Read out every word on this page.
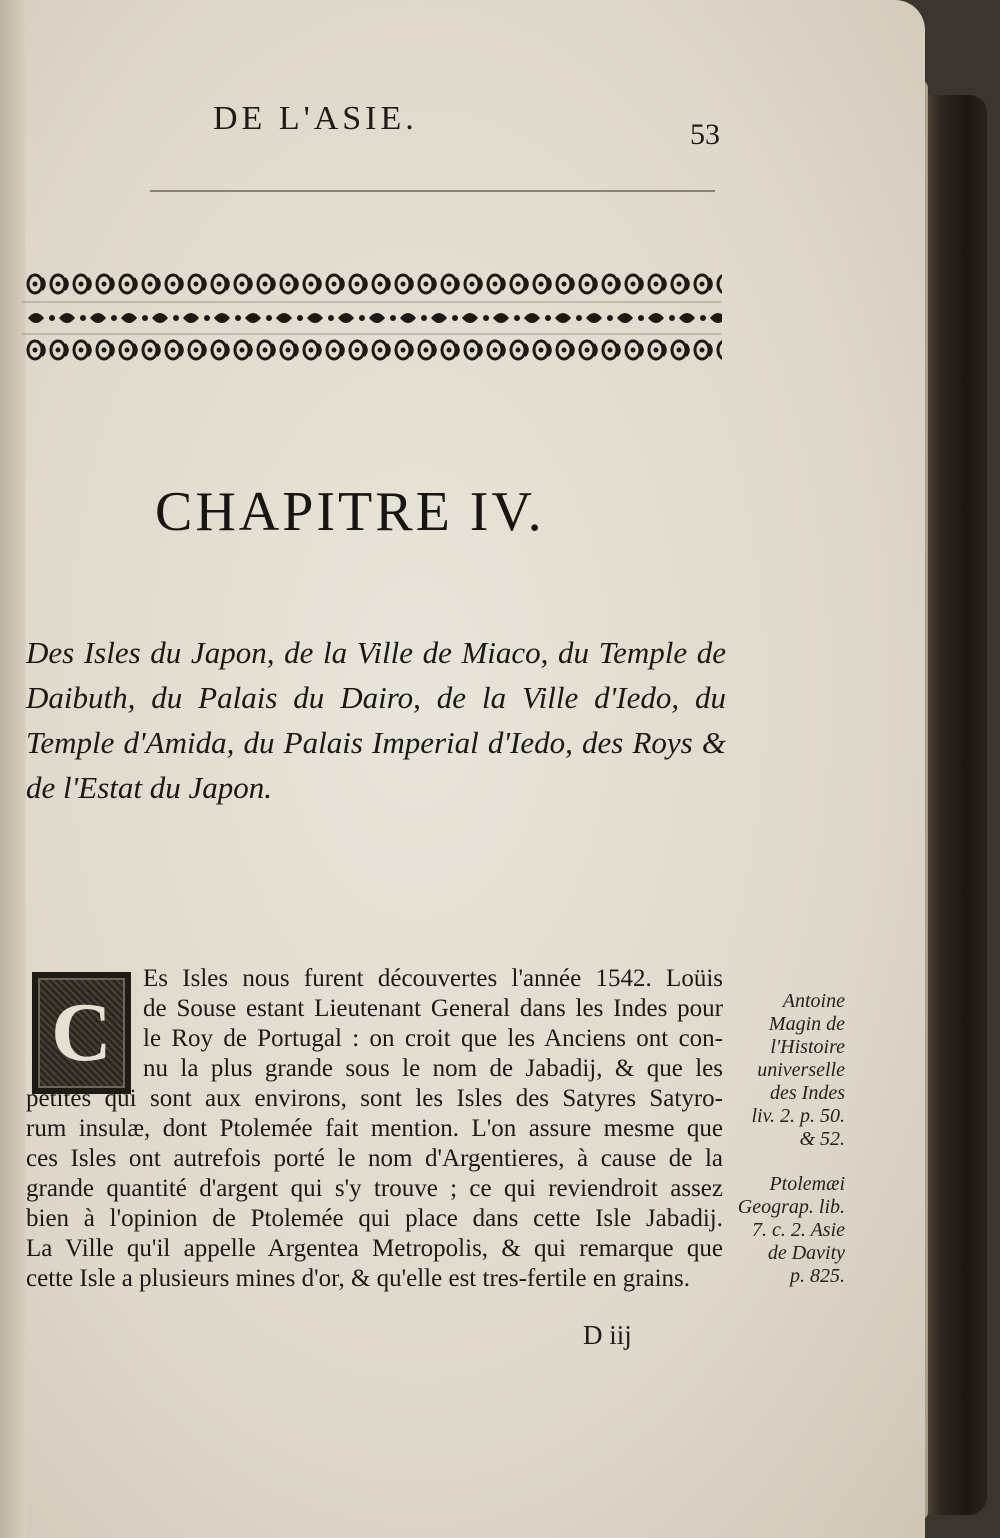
DE L'ASIE.	53
CHAPITRE IV.
Des Isles du Japon, de la Ville de Miaco, du Temple de Daibuth, du Palais du Dairo, de la Ville d'Iedo, du Temple d'Amida, du Palais Imperial d'Iedo, des Roys & de l'Estat du Japon.
C
Es Isles nous furent découvertes l'année 1542. Loüis
de Souse estant Lieutenant General dans les Indes pour
le Roy de Portugal : on croit que les Anciens ont con-
nu la plus grande sous le nom de Jabadij, & que les
petites qui sont aux environs, sont les Isles des Satyres Satyro-
rum insulæ, dont Ptolemée fait mention. L'on assure mesme que
ces Isles ont autrefois porté le nom d'Argentieres, à cause de la
grande quantité d'argent qui s'y trouve ; ce qui reviendroit assez
bien à l'opinion de Ptolemée qui place dans cette Isle Jabadij.
La Ville qu'il appelle Argentea Metropolis, & qui remarque que
cette Isle a plusieurs mines d'or, & qu'elle est tres-fertile en grains.
Antoine
Magin de
l'Histoire
universelle
des Indes
liv. 2. p. 50.
& 52.
Ptolemæi
Geograp. lib.
7. c. 2. Asie
de Davity
p. 825.
D iij
